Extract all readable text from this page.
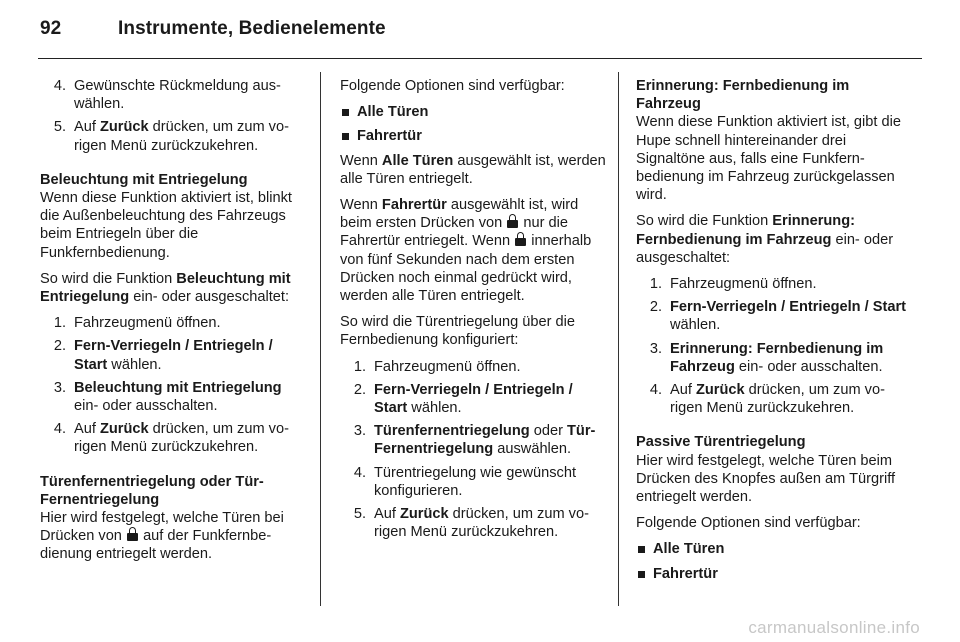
92	Instrumente, Bedienelemente
4. Gewünschte Rückmeldung auswählen.
5. Auf Zurück drücken, um zum vorigen Menü zurückzukehren.

Beleuchtung mit Entriegelung

Wenn diese Funktion aktiviert ist, blinkt die Außenbeleuchtung des Fahrzeugs beim Entriegeln über die Funkfernbedienung.

So wird die Funktion Beleuchtung mit Entriegelung ein- oder ausgeschaltet:

1. Fahrzeugmenü öffnen.
2. Fern-Verriegeln / Entriegeln / Start wählen.
3. Beleuchtung mit Entriegelung ein- oder ausschalten.
4. Auf Zurück drücken, um zum vorigen Menü zurückzukehren.

Türenfernentriegelung oder TürFernentriegelung

Hier wird festgelegt, welche Türen bei Drücken von auf der Funkfernbedienung entriegelt werden.

Folgende Optionen sind verfügbar:

Alle Türen
Fahrertür

Wenn Alle Türen ausgewählt ist, werden alle Türen entriegelt.

Wenn Fahrertür ausgewählt ist, wird beim ersten Drücken von nur die Fahrertür entriegelt. Wenn innerhalb von fünf Sekunden nach dem ersten Drücken noch einmal gedrückt wird, werden alle Türen entriegelt.

So wird die Türentriegelung über die Fernbedienung konfiguriert:

1. Fahrzeugmenü öffnen.
2. Fern-Verriegeln / Entriegeln / Start wählen.
3. Türenfernentriegelung oder TürFernentriegelung auswählen.
4. Türentriegelung wie gewünscht konfigurieren.
5. Auf Zurück drücken, um zum vorigen Menü zurückzukehren.

Erinnerung: Fernbedienung im Fahrzeug

Wenn diese Funktion aktiviert ist, gibt die Hupe schnell hintereinander drei Signaltöne aus, falls eine Funkfernbedienung im Fahrzeug zurückgelassen wird.

So wird die Funktion Erinnerung: Fernbedienung im Fahrzeug ein- oder ausgeschaltet:

1. Fahrzeugmenü öffnen.
2. Fern-Verriegeln / Entriegeln / Start wählen.
3. Erinnerung: Fernbedienung im Fahrzeug ein- oder ausschalten.
4. Auf Zurück drücken, um zum vorigen Menü zurückzukehren.

Passive Türentriegelung

Hier wird festgelegt, welche Türen beim Drücken des Knopfes außen am Türgriff entriegelt werden.

Folgende Optionen sind verfügbar:

Alle Türen
Fahrertür
carmanualsonline.info
